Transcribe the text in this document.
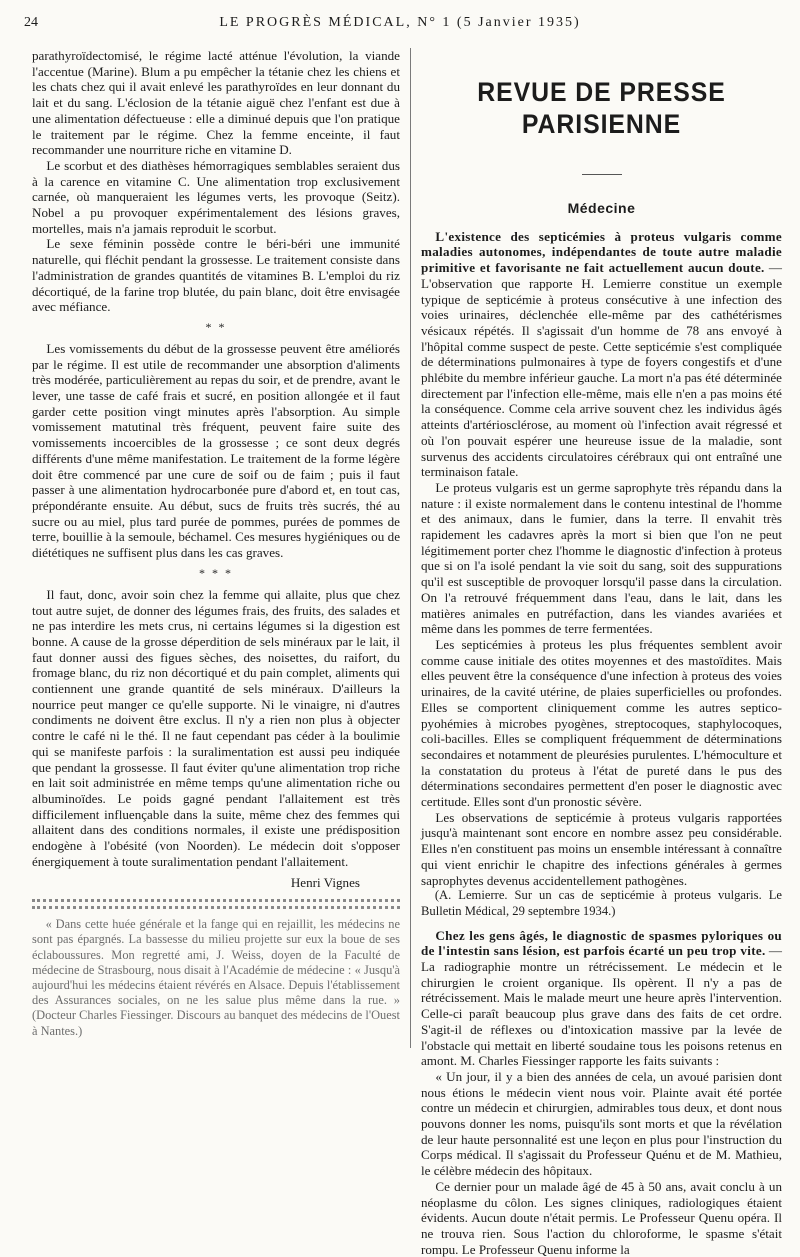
24	LE PROGRÈS MÉDICAL, N° 1 (5 Janvier 1935)

parathyroïdectomisé, le régime lacté atténue l'évolution, la viande l'accentue (Marine). Blum a pu empêcher la tétanie chez les chiens et les chats chez qui il avait enlevé les parathyroïdes en leur donnant du lait et du sang. L'éclosion de la tétanie aiguë chez l'enfant est due à une alimentation défectueuse : elle a diminué depuis que l'on pratique le traitement par le régime. Chez la femme enceinte, il faut recommander une nourriture riche en vitamine D.

Le scorbut et des diathèses hémorragiques semblables seraient dus à la carence en vitamine C. Une alimentation trop exclusivement carnée, où manqueraient les légumes verts, les provoque (Seitz). Nobel a pu provoquer expérimentalement des lésions graves, mortelles, mais n'a jamais reproduit le scorbut.

Le sexe féminin possède contre le béri-béri une immunité naturelle, qui fléchit pendant la grossesse. Le traitement consiste dans l'administration de grandes quantités de vitamines B. L'emploi du riz décortiqué, de la farine trop blutée, du pain blanc, doit être envisagée avec méfiance.

* *

Les vomissements du début de la grossesse peuvent être améliorés par le régime. Il est utile de recommander une absorption d'aliments très modérée, particulièrement au repas du soir, et de prendre, avant le lever, une tasse de café frais et sucré, en position allongée et il faut garder cette position vingt minutes après l'absorption. Au simple vomissement matutinal très fréquent, peuvent faire suite des vomissements incoercibles de la grossesse ; ce sont deux degrés différents d'une même manifestation. Le traitement de la forme légère doit être commencé par une cure de soif ou de faim ; puis il faut passer à une alimentation hydrocarbonée pure d'abord et, en tout cas, prépondérante ensuite. Au début, sucs de fruits très sucrés, thé au sucre ou au miel, plus tard purée de pommes, purées de pommes de terre, bouillie à la semoule, béchamel. Ces mesures hygiéniques ou de diététiques ne suffisent plus dans les cas graves.

* * *

Il faut, donc, avoir soin chez la femme qui allaite, plus que chez tout autre sujet, de donner des légumes frais, des fruits, des salades et ne pas interdire les mets crus, ni certains légumes si la digestion est bonne. A cause de la grosse déperdition de sels minéraux par le lait, il faut donner aussi des figues sèches, des noisettes, du raifort, du fromage blanc, du riz non décortiqué et du pain complet, aliments qui contiennent une grande quantité de sels minéraux. D'ailleurs la nourrice peut manger ce qu'elle supporte. Ni le vinaigre, ni d'autres condiments ne doivent être exclus. Il n'y a rien non plus à objecter contre le café ni le thé. Il ne faut cependant pas céder à la boulimie qui se manifeste parfois : la suralimentation est aussi peu indiquée que pendant la grossesse. Il faut éviter qu'une alimentation trop riche en lait soit administrée en même temps qu'une alimentation riche ou albuminoïdes. Le poids gagné pendant l'allaitement est très difficilement influençable dans la suite, même chez des femmes qui allaitent dans des conditions normales, il existe une prédisposition endogène à l'obésité (von Noorden). Le médecin doit s'opposer énergiquement à toute suralimentation pendant l'allaitement.

Henri Vignes

« Dans cette huée générale et la fange qui en rejaillit, les médecins ne sont pas épargnés. La bassesse du milieu projette sur eux la boue de ses éclaboussures. Mon regretté ami, J. Weiss, doyen de la Faculté de médecine de Strasbourg, nous disait à l'Académie de médecine : « Jusqu'à aujourd'hui les médecins étaient révérés en Alsace. Depuis l'établissement des Assurances sociales, on ne les salue plus même dans la rue. » (Docteur Charles Fiessinger. Discours au banquet des médecins de l'Ouest à Nantes.)

REVUE DE PRESSE PARISIENNE
Médecine

L'existence des septicémies à proteus vulgaris comme maladies autonomes, indépendantes de toute autre maladie primitive et favorisante ne fait actuellement aucun doute. — L'observation que rapporte H. Lemierre constitue un exemple typique de septicémie à proteus consécutive à une infection des voies urinaires, déclenchée elle-même par des cathétérismes vésicaux répétés. Il s'agissait d'un homme de 78 ans envoyé à l'hôpital comme suspect de peste. Cette septicémie s'est compliquée de déterminations pulmonaires à type de foyers congestifs et d'une phlébite du membre inférieur gauche. La mort n'a pas été déterminée directement par l'infection elle-même, mais elle n'en a pas moins été la conséquence. Comme cela arrive souvent chez les individus âgés atteints d'artériosclérose, au moment où l'infection avait régressé et où l'on pouvait espérer une heureuse issue de la maladie, sont survenus des accidents circulatoires cérébraux qui ont entraîné une terminaison fatale.

Le proteus vulgaris est un germe saprophyte très répandu dans la nature : il existe normalement dans le contenu intestinal de l'homme et des animaux, dans le fumier, dans la terre. Il envahit très rapidement les cadavres après la mort si bien que l'on ne peut légitimement porter chez l'homme le diagnostic d'infection à proteus que si on l'a isolé pendant la vie soit du sang, soit des suppurations qu'il est susceptible de provoquer lorsqu'il passe dans la circulation. On l'a retrouvé fréquemment dans l'eau, dans le lait, dans les matières animales en putréfaction, dans les viandes avariées et même dans les pommes de terre fermentées.

Les septicémies à proteus les plus fréquentes semblent avoir comme cause initiale des otites moyennes et des mastoïdites. Mais elles peuvent être la conséquence d'une infection à proteus des voies urinaires, de la cavité utérine, de plaies superficielles ou profondes. Elles se comportent cliniquement comme les autres septico-pyohémies à microbes pyogènes, streptocoques, staphylocoques, coli-bacilles. Elles se compliquent fréquemment de déterminations secondaires et notamment de pleurésies purulentes. L'hémoculture et la constatation du proteus à l'état de pureté dans le pus des déterminations secondaires permettent d'en poser le diagnostic avec certitude. Elles sont d'un pronostic sévère.

Les observations de septicémie à proteus vulgaris rapportées jusqu'à maintenant sont encore en nombre assez peu considérable. Elles n'en constituent pas moins un ensemble intéressant à connaître qui vient enrichir le chapitre des infections générales à germes saprophytes devenus accidentellement pathogènes.

(A. Lemierre. Sur un cas de septicémie à proteus vulgaris. Le Bulletin Médical, 29 septembre 1934.)

Chez les gens âgés, le diagnostic de spasmes pyloriques ou de l'intestin sans lésion, est parfois écarté un peu trop vite. — La radiographie montre un rétrécissement. Le médecin et le chirurgien le croient organique. Ils opèrent. Il n'y a pas de rétrécissement. Mais le malade meurt une heure après l'intervention. Celle-ci paraît beaucoup plus grave dans des faits de cet ordre. S'agit-il de réflexes ou d'intoxication massive par la levée de l'obstacle qui mettait en liberté soudaine tous les poisons retenus en amont. M. Charles Fiessinger rapporte les faits suivants :

« Un jour, il y a bien des années de cela, un avoué parisien dont nous étions le médecin vient nous voir. Plainte avait été portée contre un médecin et chirurgien, admirables tous deux, et dont nous pouvons donner les noms, puisqu'ils sont morts et que la révélation de leur haute personnalité est une leçon en plus pour l'instruction du Corps médical. Il s'agissait du Professeur Quénu et de M. Mathieu, le célèbre médecin des hôpitaux.

Ce dernier pour un malade âgé de 45 à 50 ans, avait conclu à un néoplasme du côlon. Les signes cliniques, radiologiques étaient évidents. Aucun doute n'était permis. Le Professeur Quenu opéra. Il ne trouva rien. Sous l'action du chloroforme, le spasme s'était rompu. Le Professeur Quenu informe la
